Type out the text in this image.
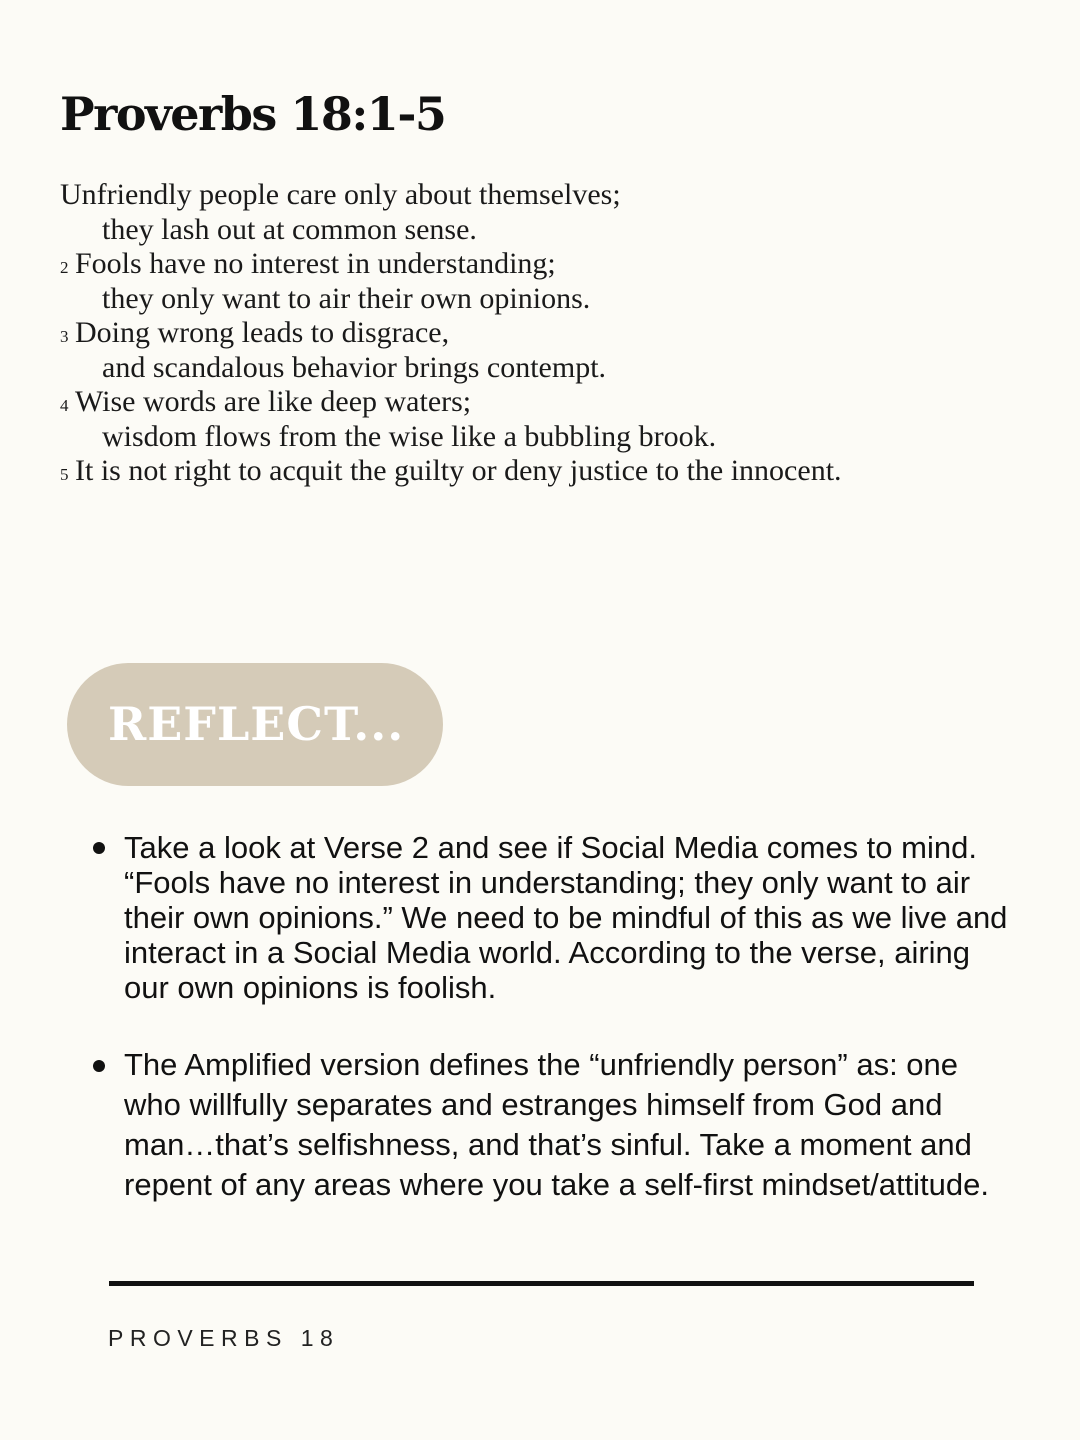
Proverbs 18:1-5
Unfriendly people care only about themselves;
they lash out at common sense.
2 Fools have no interest in understanding;
they only want to air their own opinions.
3 Doing wrong leads to disgrace,
and scandalous behavior brings contempt.
4 Wise words are like deep waters;
wisdom flows from the wise like a bubbling brook.
5 It is not right to acquit the guilty or deny justice to the innocent.
REFLECT...
Take a look at Verse 2 and see if Social Media comes to mind. “Fools have no interest in understanding; they only want to air their own opinions.” We need to be mindful of this as we live and interact in a Social Media world. According to the verse, airing our own opinions is foolish.
The Amplified version defines the “unfriendly person” as: one who willfully separates and estranges himself from God and man…that’s selfishness, and that’s sinful. Take a moment and repent of any areas where you take a self-first mindset/attitude.
PROVERBS 18
